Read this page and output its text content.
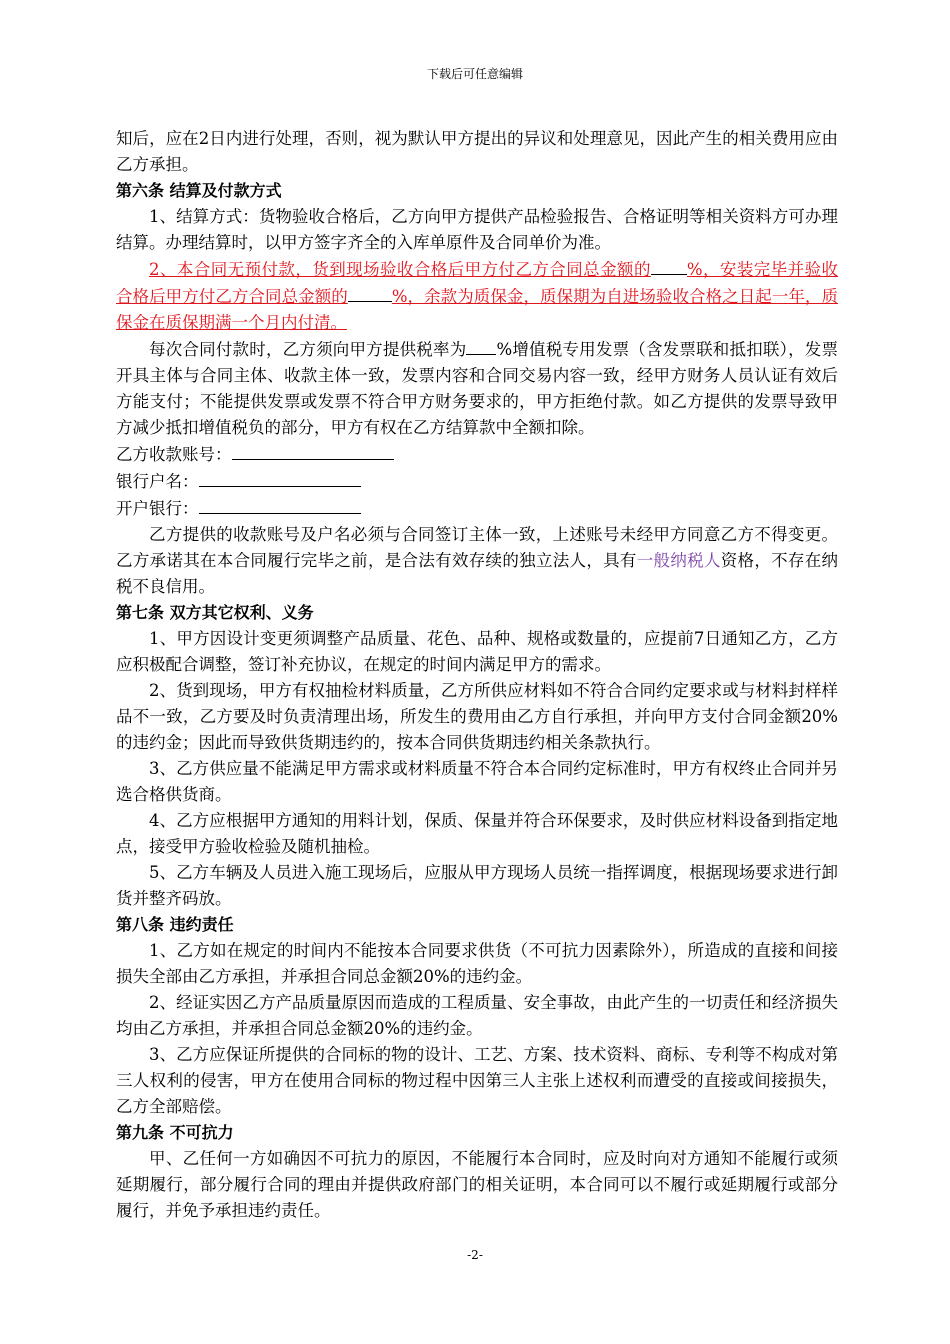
下载后可任意编辑

知后，应在2日内进行处理，否则，视为默认甲方提出的异议和处理意见，因此产生的相关费用应由乙方承担。

第六条 结算及付款方式

1、结算方式：货物验收合格后，乙方向甲方提供产品检验报告、合格证明等相关资料方可办理结算。办理结算时，以甲方签字齐全的入库单原件及合同单价为准。

2、本合同无预付款，货到现场验收合格后甲方付乙方合同总金额的 %，安装完毕并验收合格后甲方付乙方合同总金额的	%，余款为质保金，质保期为自进场验收合格之日起一年，质保金在质保期满一个月内付清。

每次合同付款时，乙方须向甲方提供税率为 %增值税专用发票（含发票联和抵扣联），发票开具主体与合同主体、收款主体一致，发票内容和合同交易内容一致，经甲方财务人员认证有效后方能支付；不能提供发票或发票不符合甲方财务要求的，甲方拒绝付款。如乙方提供的发票导致甲方减少抵扣增值税负的部分，甲方有权在乙方结算款中全额扣除。

乙方收款账号：

银行户名：

开户银行：

乙方提供的收款账号及户名必须与合同签订主体一致，上述账号未经甲方同意乙方不得变更。乙方承诺其在本合同履行完毕之前，是合法有效存续的独立法人，具有一般纳税人资格，不存在纳税不良信用。

第七条 双方其它权利、义务

1、甲方因设计变更须调整产品质量、花色、品种、规格或数量的，应提前7日通知乙方，乙方应积极配合调整，签订补充协议，在规定的时间内满足甲方的需求。

2、货到现场，甲方有权抽检材料质量，乙方所供应材料如不符合合同约定要求或与材料封样样品不一致，乙方要及时负责清理出场，所发生的费用由乙方自行承担，并向甲方支付合同金额20%的违约金；因此而导致供货期违约的，按本合同供货期违约相关条款执行。

3、乙方供应量不能满足甲方需求或材料质量不符合本合同约定标准时，甲方有权终止合同并另选合格供货商。

4、乙方应根据甲方通知的用料计划，保质、保量并符合环保要求，及时供应材料设备到指定地点，接受甲方验收检验及随机抽检。

5、乙方车辆及人员进入施工现场后，应服从甲方现场人员统一指挥调度，根据现场要求进行卸货并整齐码放。

第八条 违约责任

1、乙方如在规定的时间内不能按本合同要求供货（不可抗力因素除外），所造成的直接和间接损失全部由乙方承担，并承担合同总金额20%的违约金。

2、经证实因乙方产品质量原因而造成的工程质量、安全事故，由此产生的一切责任和经济损失均由乙方承担，并承担合同总金额20%的违约金。

3、乙方应保证所提供的合同标的物的设计、工艺、方案、技术资料、商标、专利等不构成对第三人权利的侵害，甲方在使用合同标的物过程中因第三人主张上述权利而遭受的直接或间接损失，乙方全部赔偿。

第九条 不可抗力

甲、乙任何一方如确因不可抗力的原因，不能履行本合同时，应及时向对方通知不能履行或须延期履行，部分履行合同的理由并提供政府部门的相关证明，本合同可以不履行或延期履行或部分履行，并免予承担违约责任。

-2-
